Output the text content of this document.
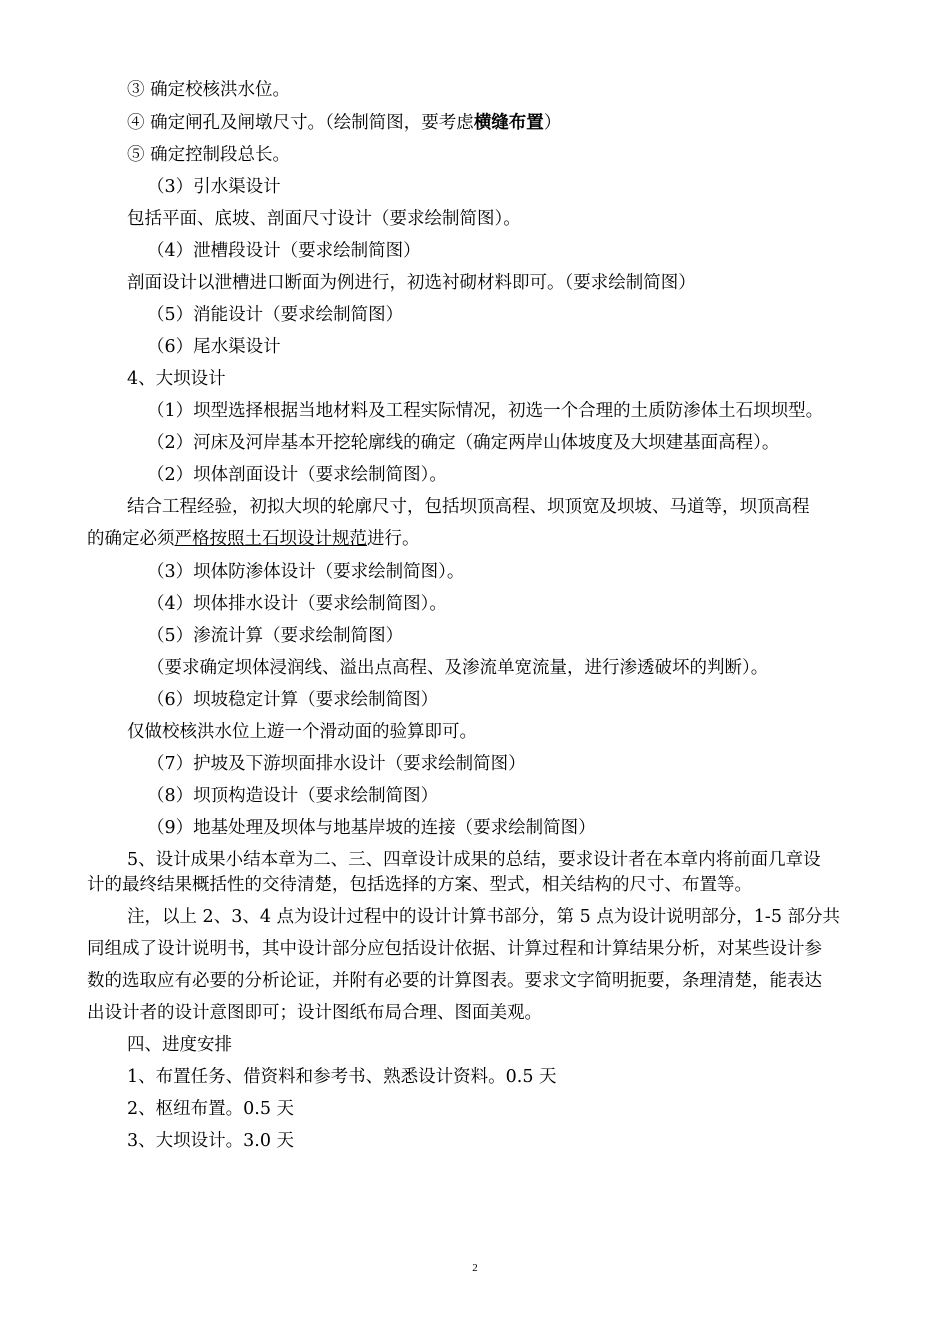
③ 确定校核洪水位。
④ 确定闸孔及闸墩尺寸。（绘制简图，要考虑横缝布置）
⑤ 确定控制段总长。
（3）引水渠设计
包括平面、底坡、剖面尺寸设计（要求绘制简图）。
（4）泄槽段设计（要求绘制简图）
剖面设计以泄槽进口断面为例进行，初选衬砌材料即可。（要求绘制简图）
（5）消能设计（要求绘制简图）
（6）尾水渠设计
4、大坝设计
（1）坝型选择根据当地材料及工程实际情况，初选一个合理的土质防渗体土石坝坝型。
（2）河床及河岸基本开挖轮廓线的确定（确定两岸山体坡度及大坝建基面高程）。
（2）坝体剖面设计（要求绘制简图）。
结合工程经验，初拟大坝的轮廓尺寸，包括坝顶高程、坝顶宽及坝坡、马道等，坝顶高程
的确定必须严格按照土石坝设计规范进行。
（3）坝体防渗体设计（要求绘制简图）。
（4）坝体排水设计（要求绘制简图）。
（5）渗流计算（要求绘制简图）
（要求确定坝体浸润线、溢出点高程、及渗流单宽流量，进行渗透破坏的判断）。
（6）坝坡稳定计算（要求绘制简图）
仅做校核洪水位上遊一个滑动面的验算即可。
（7）护坡及下游坝面排水设计（要求绘制简图）
（8）坝顶构造设计（要求绘制简图）
（9）地基处理及坝体与地基岸坡的连接（要求绘制简图）
5、设计成果小结本章为二、三、四章设计成果的总结，要求设计者在本章内将前面几章设
计的最终结果概括性的交待清楚，包括选择的方案、型式，相关结构的尺寸、布置等。
注，以上 2、3、4 点为设计过程中的设计计算书部分，第 5 点为设计说明部分，1-5 部分共
同组成了设计说明书，其中设计部分应包括设计依据、计算过程和计算结果分析，对某些设计参
数的选取应有必要的分析论证，并附有必要的计算图表。要求文字简明扼要，条理清楚，能表达
出设计者的设计意图即可；设计图纸布局合理、图面美观。
四、进度安排
1、布置任务、借资料和参考书、熟悉设计资料。0.5 天
2、枢纽布置。0.5 天
3、大坝设计。3.0 天
2
